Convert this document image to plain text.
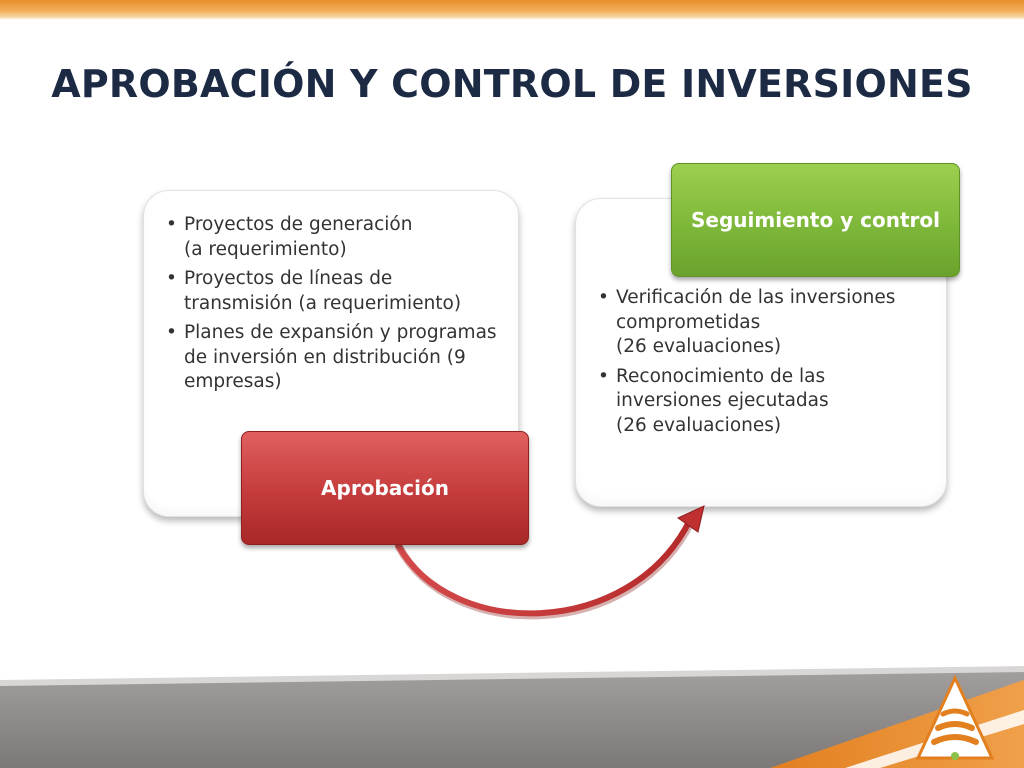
APROBACIÓN Y CONTROL DE INVERSIONES
• Proyectos de generación
(a requerimiento)
• Proyectos de líneas de
transmisión (a requerimiento)
• Planes de expansión y programas
de inversión en distribución (9
empresas)
• Verificación de las inversiones
comprometidas
(26 evaluaciones)
• Reconocimiento de las
inversiones ejecutadas
(26 evaluaciones)
Seguimiento y control
Aprobación
